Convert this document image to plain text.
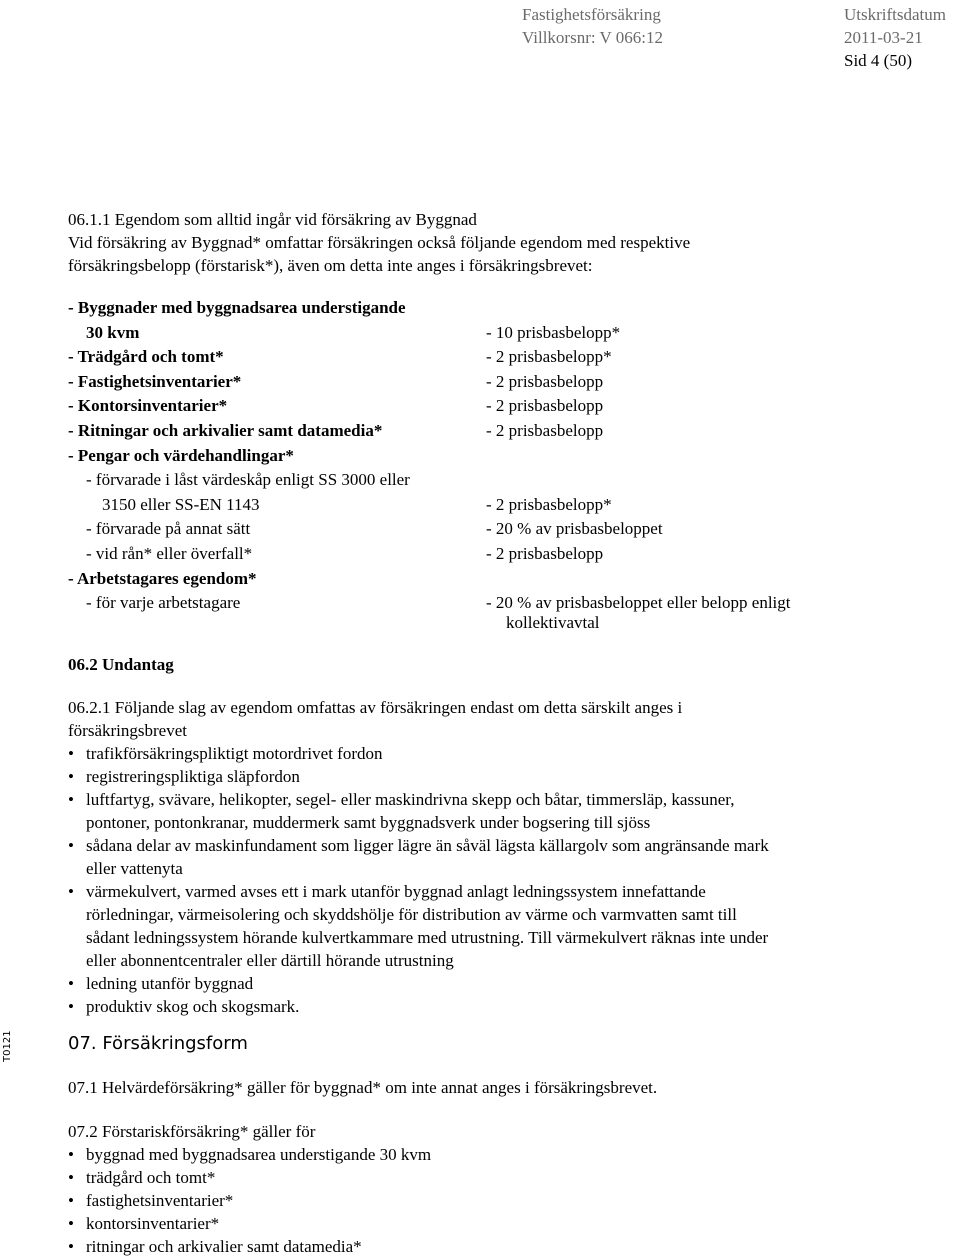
Fastighetsförsäkring
Villkorsnr: V 066:12
Utskriftsdatum
2011-03-21
Sid 4 (50)
06.1.1 Egendom som alltid ingår vid försäkring av Byggnad
Vid försäkring av Byggnad* omfattar försäkringen också följande egendom med respektive
försäkringsbelopp (förstarisk*), även om detta inte anges i försäkringsbrevet:
- Byggnader med byggnadsarea understigande
30 kvm	- 10 prisbasbelopp*
- Trädgård och tomt*	- 2 prisbasbelopp*
- Fastighetsinventarier*	- 2 prisbasbelopp
- Kontorsinventarier*	- 2 prisbasbelopp
- Ritningar och arkivalier samt datamedia*	- 2 prisbasbelopp
- Pengar och värdehandlingar*
- förvarade i låst värdeskåp enligt SS 3000 eller
3150 eller SS-EN 1143	- 2 prisbasbelopp*
- förvarade på annat sätt	- 20 % av prisbasbeloppet
- vid rån* eller överfall*	- 2 prisbasbelopp
- Arbetstagares egendom*
- för varje arbetstagare	- 20 % av prisbasbeloppet eller belopp enligt
kollektivavtal
06.2 Undantag
06.2.1 Följande slag av egendom omfattas av försäkringen endast om detta särskilt anges i
försäkringsbrevet
• trafikförsäkringspliktigt motordrivet fordon
• registreringspliktiga släpfordon
• luftfartyg, svävare, helikopter, segel- eller maskindrivna skepp och båtar, timmersläp, kassuner,
pontoner, pontonkranar, muddermerk samt byggnadsverk under bogsering till sjöss
• sådana delar av maskinfundament som ligger lägre än såväl lägsta källargolv som angränsande mark
eller vattenyta
• värmekulvert, varmed avses ett i mark utanför byggnad anlagt ledningssystem innefattande
rörledningar, värmeisolering och skyddshölje för distribution av värme och varmvatten samt till
sådant ledningssystem hörande kulvertkammare med utrustning. Till värmekulvert räknas inte under
eller abonnentcentraler eller därtill hörande utrustning
• ledning utanför byggnad
• produktiv skog och skogsmark.
07. Försäkringsform
07.1 Helvärdeförsäkring* gäller för byggnad* om inte annat anges i försäkringsbrevet.
07.2 Förstariskförsäkring* gäller för
• byggnad med byggnadsarea understigande 30 kvm
• trädgård och tomt*
• fastighetsinventarier*
• kontorsinventarier*
• ritningar och arkivalier samt datamedia*
T0121
